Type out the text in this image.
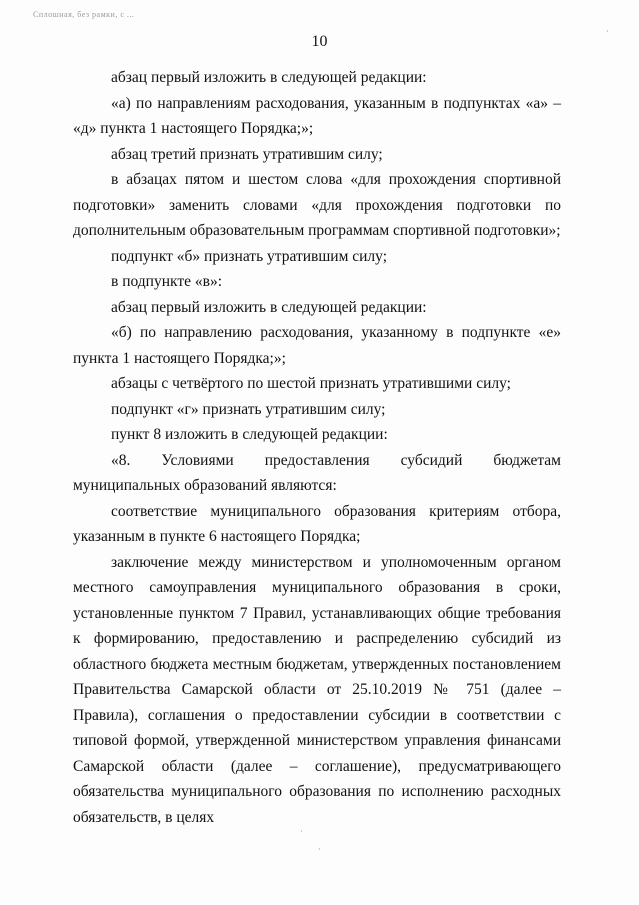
Сплошная, без рамки, с ...
10

абзац первый изложить в следующей редакции:

«а) по направлениям расходования, указанным в подпунктах «а» – «д» пункта 1 настоящего Порядка;»;

абзац третий признать утратившим силу;

в абзацах пятом и шестом слова «для прохождения спортивной подготовки» заменить словами «для прохождения подготовки по дополнительным образовательным программам спортивной подготовки»;

подпункт «б» признать утратившим силу;

в подпункте «в»:

абзац первый изложить в следующей редакции:

«б) по направлению расходования, указанному в подпункте «е» пункта 1 настоящего Порядка;»;

абзацы с четвёртого по шестой признать утратившими силу;

подпункт «г» признать утратившим силу;

пункт 8 изложить в следующей редакции:

«8. Условиями предоставления субсидий бюджетам муниципальных образований являются:

соответствие муниципального образования критериям отбора, указанным в пункте 6 настоящего Порядка;

заключение между министерством и уполномоченным органом местного самоуправления муниципального образования в сроки, установленные пунктом 7 Правил, устанавливающих общие требования к формированию, предоставлению и распределению субсидий из областного бюджета местным бюджетам, утвержденных постановлением Правительства Самарской области от 25.10.2019 № 751 (далее – Правила), соглашения о предоставлении субсидии в соответствии с типовой формой, утвержденной министерством управления финансами Самарской области (далее – соглашение), предусматривающего обязательства муниципального образования по исполнению расходных обязательств, в целях

·
·
·
